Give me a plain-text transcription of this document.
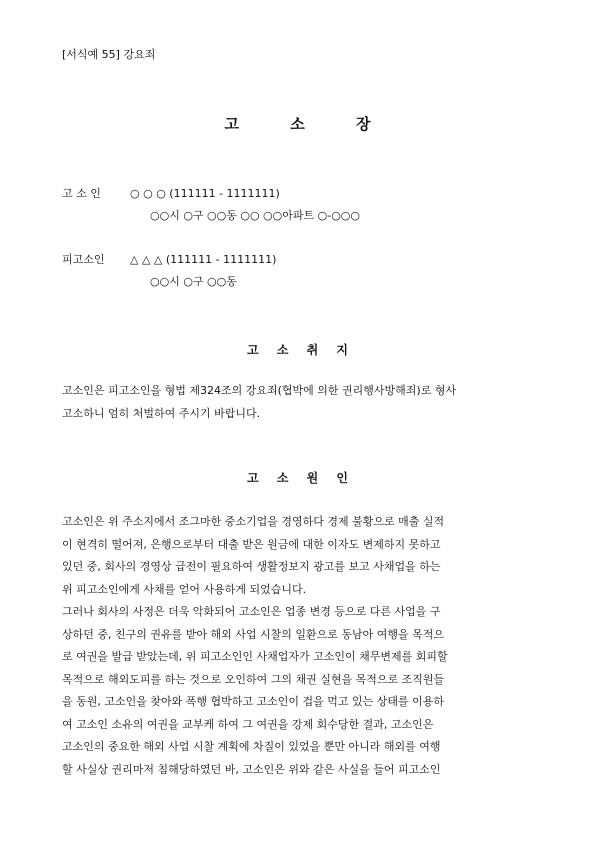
[서식예 55] 강요죄
고 소 장
고 소 인	○ ○ ○ (111111 - 1111111)
○○시 ○구 ○○동 ○○ ○○아파트 ○-○○○
피고소인 △ △ △ (111111 - 1111111)
○○시 ○구 ○○동
고 소 취 지
고소인은 피고소인을 형법 제324조의 강요죄(협박에 의한 권리행사방해죄)로 형사
고소하니 엄히 처벌하여 주시기 바랍니다.
고 소 원 인
고소인은 위 주소지에서 조그마한 중소기업을 경영하다 경제 불황으로 매출 실적
이 현격히 떨어져, 은행으로부터 대출 받은 원금에 대한 이자도 변제하지 못하고
있던 중, 회사의 경영상 급전이 필요하여 생활정보지 광고를 보고 사채업을 하는
위 피고소인에게 사채를 얻어 사용하게 되었습니다.
그러나 회사의 사정은 더욱 악화되어 고소인은 업종 변경 등으로 다른 사업을 구
상하던 중, 친구의 권유를 받아 해외 사업 시찰의 일환으로 동남아 여행을 목적으
로 여권을 발급 받았는데, 위 피고소인인 사채업자가 고소인이 채무변제를 회피할
목적으로 해외도피를 하는 것으로 오인하여 그의 채권 실현을 목적으로 조직원들
을 동원, 고소인을 찾아와 폭행 협박하고 고소인이 겁을 먹고 있는 상태를 이용하
여 고소인 소유의 여권을 교부케 하여 그 여권을 강제 회수당한 결과, 고소인은
고소인의 중요한 해외 사업 시찰 계획에 차질이 있었을 뿐만 아니라 해외를 여행
할 사실상 권리마저 침해당하였던 바, 고소인은 위와 같은 사실을 들어 피고소인
